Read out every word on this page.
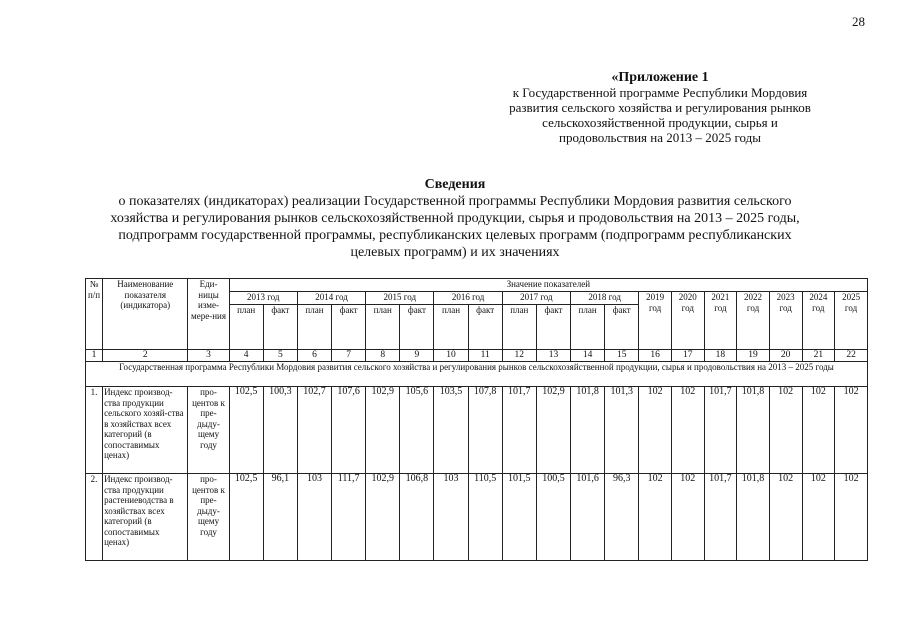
28
«Приложение 1
к Государственной программе Республики Мордовия
развития сельского хозяйства и регулирования рынков
сельскохозяйственной продукции, сырья и
продовольствия на 2013 – 2025 годы
Сведения
о показателях (индикаторах) реализации Государственной программы Республики Мордовия развития сельского
хозяйства и регулирования рынков сельскохозяйственной продукции, сырья и продовольствия на 2013 – 2025 годы,
подпрограмм государственной программы, республиканских целевых программ (подпрограмм республиканских
целевых программ) и их значениях
№ п/п	Наименование показателя (индикатора)	Еди-ницы изме-мере-ния	Значение показателей																		
			2013 год		2014 год		2015 год		2016 год		2017 год		2018 год		2019 год	2020 год	2021 год	2022 год	2023 год	2024 год	2025 год
			план	факт	план	факт	план	факт	план	факт	план	факт	план	факт							
1	2	3	4	5	6	7	8	9	10	11	12	13	14	15	16	17	18	19	20	21	22
Государственная программа Республики Мордовия развития сельского хозяйства и регулирования рынков сельскохозяйственной продукции, сырья и продовольствия на 2013 – 2025 годы																					
1.	Индекс производ-ства продукции сельского хозяй-ства в хозяйствах всех категорий (в сопоставимых ценах)	про-центов к пре-дыду-щему году	102,5	100,3	102,7	107,6	102,9	105,6	103,5	107,8	101,7	102,9	101,8	101,3	102	102	101,7	101,8	102	102	102
2.	Индекс производ-ства продукции растениеводства в хозяйствах всех категорий (в сопоставимых ценах)	про-центов к пре-дыду-щему году	102,5	96,1	103	111,7	102,9	106,8	103	110,5	101,5	100,5	101,6	96,3	102	102	101,7	101,8	102	102	102
